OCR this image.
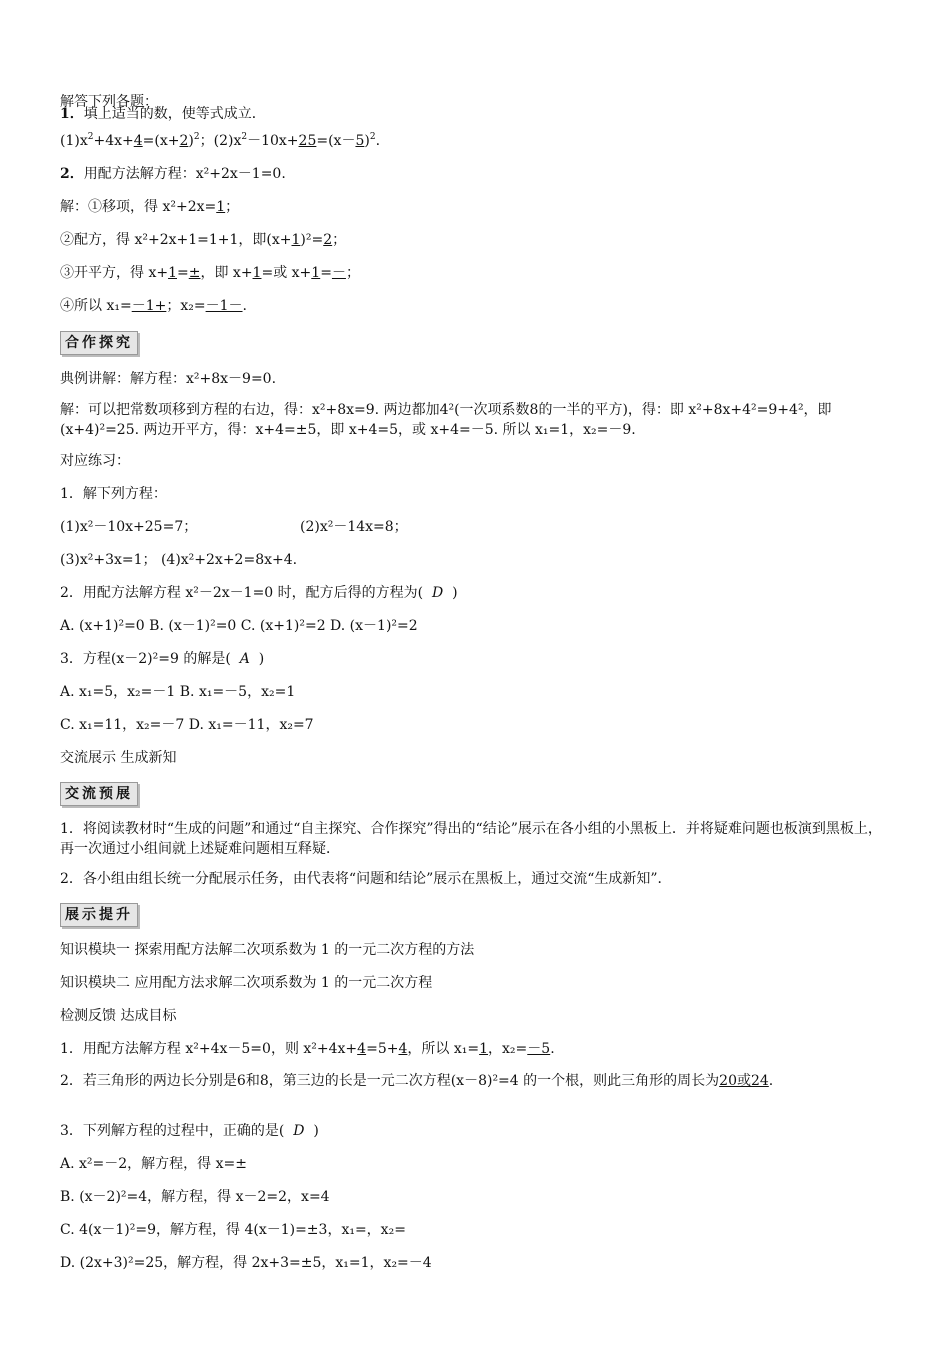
解答下列各题：
1．填上适当的数，使等式成立．
$(1)x^2+4x+4=(x+2)^2$；$(2)x^2-10x+25=(x-5)^2$.
2．用配方法解方程：x²+2x－1=0.
解：①移项，得 x²+2x=1；
②配方，得 x²+2x+1=1+1，即(x+1)²=2；
③开平方，得 x+1=±，即 x+1=或 x+1=－；
④所以 x₁=－1+；x₂=－1－.
合作探究
典例讲解：解方程：x²+8x－9=0.
解：可以把常数项移到方程的右边，得：x²+8x=9. 两边都加4²(一次项系数8的一半的平方)，得：即 x²+8x+4²=9+4²，即(x+4)²=25. 两边开平方，得：x+4=±5，即 x+4=5，或 x+4=－5. 所以 x₁=1，x₂=－9.
对应练习：
1．解下列方程：
(1)x²－10x+25=7；	(2)x²－14x=8；
(3)x²+3x=1； (4)x²+2x+2=8x+4.
2．用配方法解方程 x²－2x－1=0 时，配方后得的方程为( D )
A. (x+1)²=0 B. (x－1)²=0 C. (x+1)²=2 D. (x－1)²=2
3．方程(x－2)²=9 的解是( A )
A. x₁=5，x₂=－1 B. x₁=－5，x₂=1
C. x₁=11，x₂=－7 D. x₁=－11，x₂=7
交流展示 生成新知
交流预展
1．将阅读教材时“生成的问题”和通过“自主探究、合作探究”得出的“结论”展示在各小组的小黑板上．并将疑难问题也板演到黑板上，再一次通过小组间就上述疑难问题相互释疑．
2．各小组由组长统一分配展示任务，由代表将“问题和结论”展示在黑板上，通过交流“生成新知”．
展示提升
知识模块一 探索用配方法解二次项系数为 1 的一元二次方程的方法
知识模块二 应用配方法求解二次项系数为 1 的一元二次方程
检测反馈 达成目标
1．用配方法解方程 x²+4x－5=0，则 x²+4x+4=5+4，所以 x₁=1，x₂=－5.
2．若三角形的两边长分别是6和8，第三边的长是一元二次方程(x－8)²=4 的一个根，则此三角形的周长为20或24.
3．下列解方程的过程中，正确的是( D )
A. x²=－2，解方程，得 x=±
B. (x－2)²=4，解方程，得 x－2=2，x=4
C. 4(x－1)²=9，解方程，得 4(x－1)=±3，x₁=，x₂=
D. (2x+3)²=25，解方程，得 2x+3=±5，x₁=1，x₂=－4
